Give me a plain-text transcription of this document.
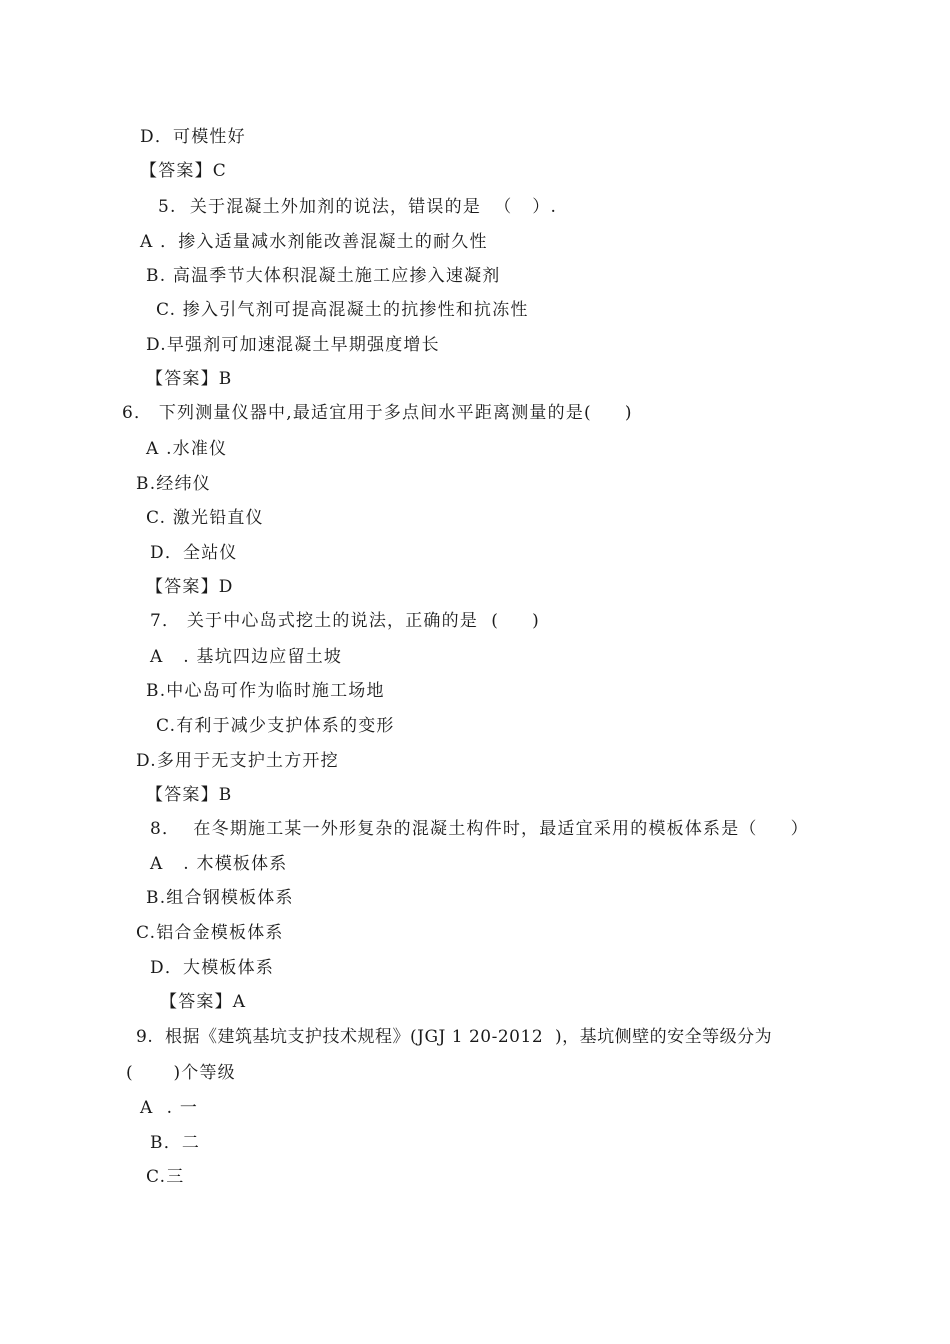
D．可模性好
【答案】C
5.  关于混凝土外加剂的说法，错误的是  （   ）.
A ．掺入适量减水剂能改善混凝土的耐久性
B. 高温季节大体积混凝土施工应掺入速凝剂
C. 掺入引气剂可提高混凝土的抗掺性和抗冻性
D.早强剂可加速混凝土早期强度增长
【答案】B
6． 下列测量仪器中,最适宜用于多点间水平距离测量的是(     )
A .水准仪
B.经纬仪
C. 激光铅直仪
D．全站仪
【答案】D
7． 关于中心岛式挖土的说法，正确的是  (     )
A   . 基坑四边应留土坡
B.中心岛可作为临时施工场地
C.有利于减少支护体系的变形
D.多用于无支护土方开挖
【答案】B
8．  在冬期施工某一外形复杂的混凝土构件时，最适宜采用的模板体系是（     ）
A   . 木模板体系
B.组合钢模板体系
C.铝合金模板体系
D．大模板体系
【答案】A
9.  根据《建筑基坑支护技术规程》(JGJ 1 20-2012  )，基坑侧壁的安全等级分为
(      )个等级
A  . 一
B．二
C.三
